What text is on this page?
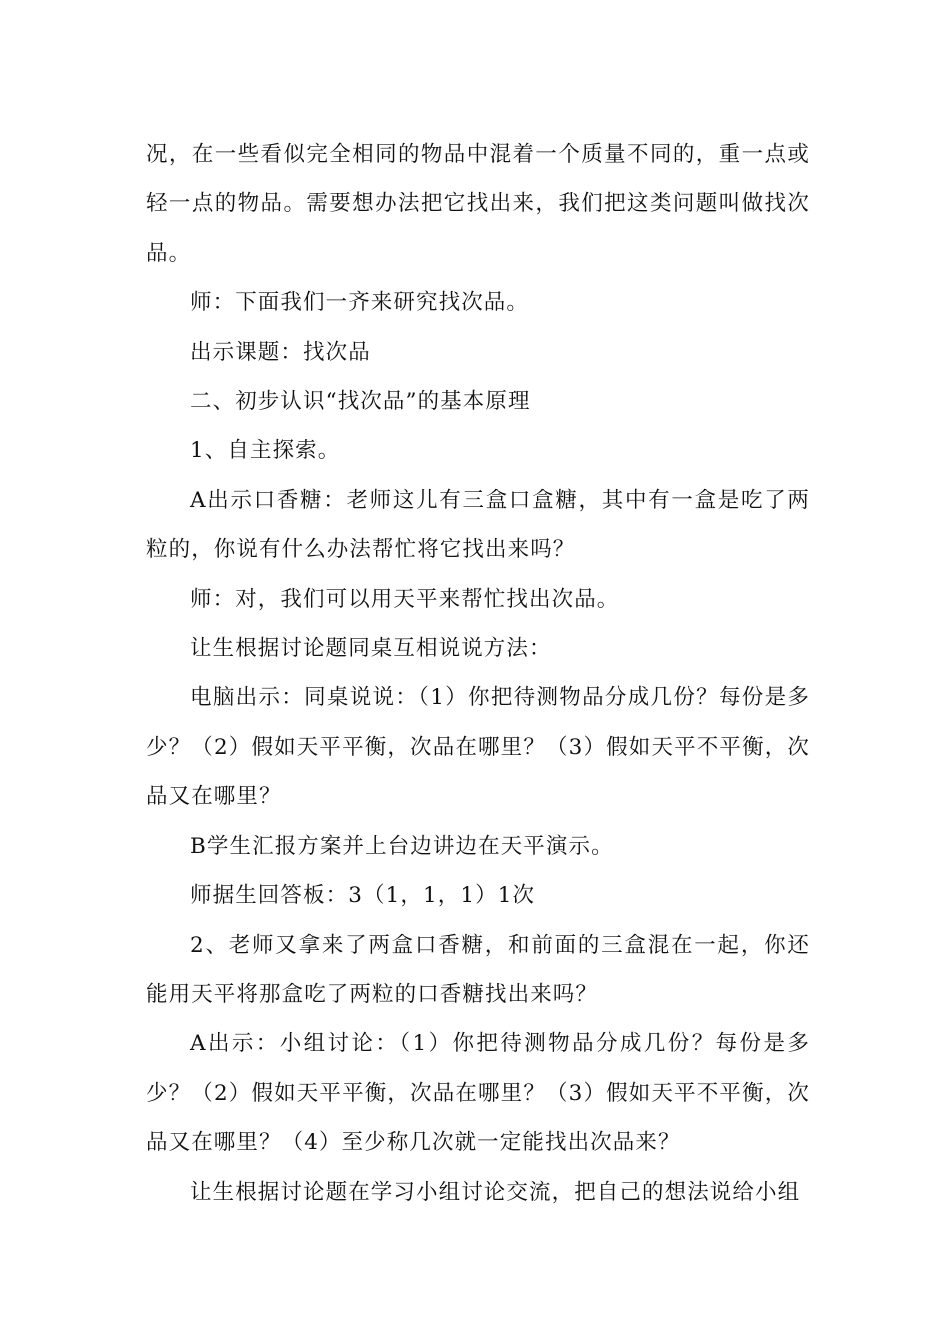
况，在一些看似完全相同的物品中混着一个质量不同的，重一点或轻一点的物品。需要想办法把它找出来，我们把这类问题叫做找次品。

师：下面我们一齐来研究找次品。

出示课题：找次品

二、初步认识“找次品”的基本原理

1、自主探索。

A出示口香糖：老师这儿有三盒口盒糖，其中有一盒是吃了两粒的，你说有什么办法帮忙将它找出来吗？

师：对，我们可以用天平来帮忙找出次品。

让生根据讨论题同桌互相说说方法：

电脑出示：同桌说说：（1）你把待测物品分成几份？每份是多少？（2）假如天平平衡，次品在哪里？（3）假如天平不平衡，次品又在哪里？

B学生汇报方案并上台边讲边在天平演示。

师据生回答板：3（1，1，1）1次

2、老师又拿来了两盒口香糖，和前面的三盒混在一起，你还能用天平将那盒吃了两粒的口香糖找出来吗？

A出示：小组讨论：（1）你把待测物品分成几份？每份是多少？（2）假如天平平衡，次品在哪里？（3）假如天平不平衡，次品又在哪里？（4）至少称几次就一定能找出次品来？

让生根据讨论题在学习小组讨论交流，把自己的想法说给小组
